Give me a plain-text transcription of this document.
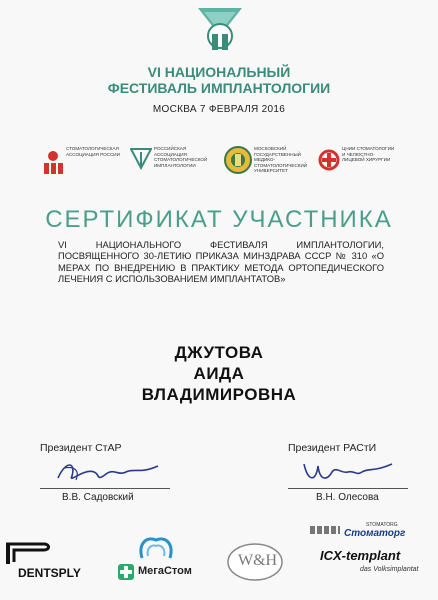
VI НАЦИОНАЛЬНЫЙ
ФЕСТИВАЛЬ ИМПЛАНТОЛОГИИ
МОСКВА 7 ФЕВРАЛЯ 2016
СТОМАТОЛОГИЧЕСКАЯ АССОЦИАЦИЯ РОССИИ
РОССИЙСКАЯ АССОЦИАЦИЯ СТОМАТОЛОГИЧЕСКОЙ ИМПЛАНТОЛОГИИ
МОСКОВСКИЙ ГОСУДАРСТВЕННЫЙ МЕДИКО-СТОМАТОЛОГИЧЕСКИЙ УНИВЕРСИТЕТ
ЦНИИ СТОМАТОЛОГИИ И ЧЕЛЮСТНО-ЛИЦЕВОЙ ХИРУРГИИ
СЕРТИФИКАТ УЧАСТНИКА
VI НАЦИОНАЛЬНОГО ФЕСТИВАЛЯ ИМПЛАНТОЛОГИИ, ПОСВЯЩЕННОГО 30-ЛЕТИЮ ПРИКАЗА МИНЗДРАВА СССР № 310 «О МЕРАХ ПО ВНЕДРЕНИЮ В ПРАКТИКУ МЕТОДА ОРТОПЕДИЧЕСКОГО ЛЕЧЕНИЯ С ИСПОЛЬЗОВАНИЕМ ИМПЛАНТАТОВ»
ДЖУТОВА
АИДА
ВЛАДИМИРОВНА
Президент СтАР
В.В. Садовский
Президент РАСтИ
В.Н. Олесова
DENTSPLY	МегаСтом
W&H
STOMATORG
Стоматорг
ICX-templant
das Volksimplantat
